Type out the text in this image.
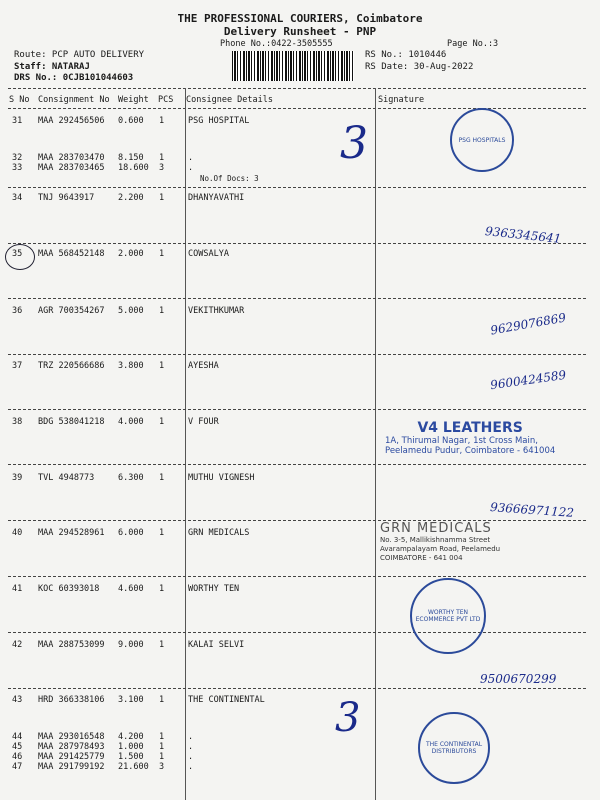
THE PROFESSIONAL COURIERS, Coimbatore
Delivery Runsheet - PNP
Phone No.:0422-3505555	Page No.:3
Route: PCP AUTO DELIVERY
Staff: NATARAJ
DRS No.: 0CJB101044603
RS No.: 1010446
RS Date: 30-Aug-2022
S No Consignment No Weight PCS Consignee Details	Signature
31 MAA 292456506 0.600 1	PSG HOSPITAL
32 MAA 283703470 8.150 1	.
33 MAA 283703465 18.600 3	.
No.Of Docs: 3
34 TNJ 9643917	2.200 1	DHANYAVATHI
35 MAA 568452148 2.000 1	COWSALYA
36 AGR 700354267 5.000 1	VEKITHKUMAR
37 TRZ 220566686 3.800 1	AYESHA
38 BDG 538041218 4.000 1	V FOUR
39 TVL 4948773	6.300 1	MUTHU VIGNESH
40 MAA 294528961 6.000 1	GRN MEDICALS
41 KOC 60393018 4.600 1	WORTHY TEN
42 MAA 288753099 9.000 1	KALAI SELVI
43 HRD 366338106 3.100 1	THE CONTINENTAL
44 MAA 293016548 4.200 1	.
45 MAA 287978493 1.000 1	.
46 MAA 291425779 1.500 1	.
47 MAA 291799192 21.600 3	.
PSG HOSPITALS
3
9363345641
9629076869
9600424589
V4 LEATHERS
1A, Thirumal Nagar, 1st Cross Main,
Peelamedu Pudur, Coimbatore - 641004
93666971122
GRN MEDICALS
No. 3-5, Mallikishnamma Street
Avarampalayam Road, Peelamedu
COIMBATORE - 641 004
WORTHY TEN ECOMMERCE PVT LTD
9500670299
3
THE CONTINENTAL DISTRIBUTORS
